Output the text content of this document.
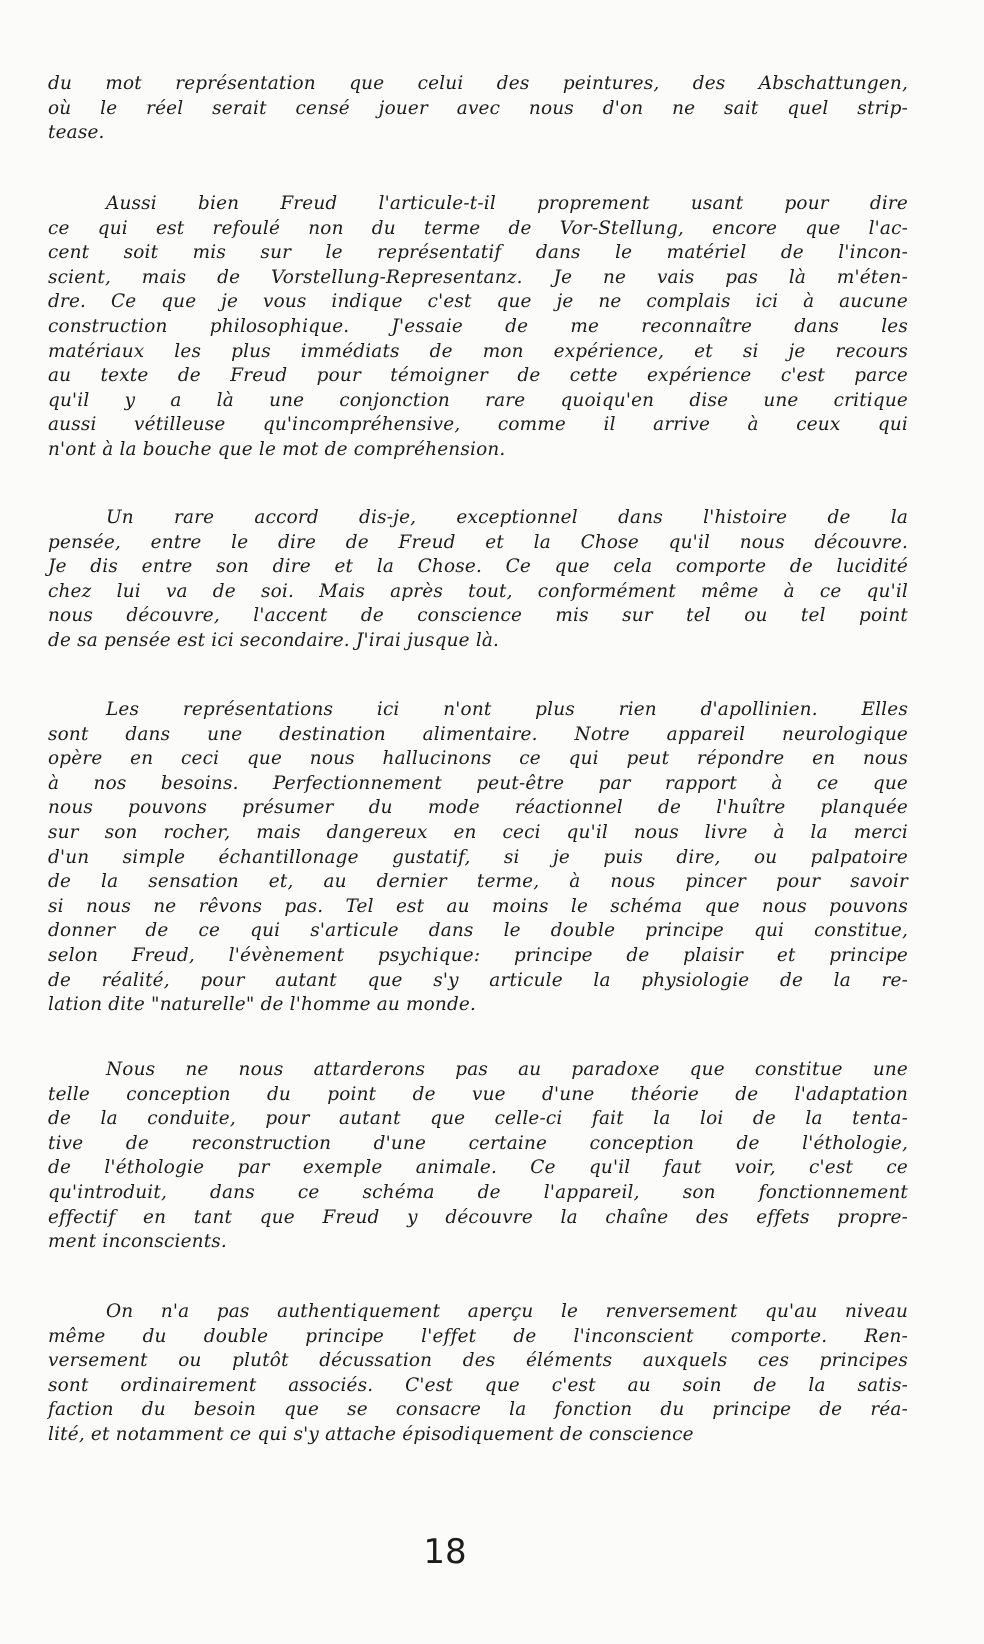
du mot représentation que celui des peintures, des Abschattungen,
où le réel serait censé jouer avec nous d'on ne sait quel strip-
tease.
Aussi bien Freud l'articule-t-il proprement usant pour dire
ce qui est refoulé non du terme de Vor-Stellung, encore que l'ac-
cent soit mis sur le représentatif dans le matériel de l'incon-
scient, mais de Vorstellung-Representanz. Je ne vais pas là m'éten-
dre. Ce que je vous indique c'est que je ne complais ici à aucune
construction philosophique. J'essaie de me reconnaître dans les
matériaux les plus immédiats de mon expérience, et si je recours
au texte de Freud pour témoigner de cette expérience c'est parce
qu'il y a là une conjonction rare quoiqu'en dise une critique
aussi vétilleuse qu'incompréhensive, comme il arrive à ceux qui
n'ont à la bouche que le mot de compréhension.
Un rare accord dis-je, exceptionnel dans l'histoire de la
pensée, entre le dire de Freud et la Chose qu'il nous découvre.
Je dis entre son dire et la Chose. Ce que cela comporte de lucidité
chez lui va de soi. Mais après tout, conformément même à ce qu'il
nous découvre, l'accent de conscience mis sur tel ou tel point
de sa pensée est ici secondaire. J'irai jusque là.
Les représentations ici n'ont plus rien d'apollinien. Elles
sont dans une destination alimentaire. Notre appareil neurologique
opère en ceci que nous hallucinons ce qui peut répondre en nous
à nos besoins. Perfectionnement peut-être par rapport à ce que
nous pouvons présumer du mode réactionnel de l'huître planquée
sur son rocher, mais dangereux en ceci qu'il nous livre à la merci
d'un simple échantillonage gustatif, si je puis dire, ou palpatoire
de la sensation et, au dernier terme, à nous pincer pour savoir
si nous ne rêvons pas. Tel est au moins le schéma que nous pouvons
donner de ce qui s'articule dans le double principe qui constitue,
selon Freud, l'évènement psychique: principe de plaisir et principe
de réalité, pour autant que s'y articule la physiologie de la re-
lation dite "naturelle" de l'homme au monde.
Nous ne nous attarderons pas au paradoxe que constitue une
telle conception du point de vue d'une théorie de l'adaptation
de la conduite, pour autant que celle-ci fait la loi de la tenta-
tive de reconstruction d'une certaine conception de l'éthologie,
de l'éthologie par exemple animale. Ce qu'il faut voir, c'est ce
qu'introduit, dans ce schéma de l'appareil, son fonctionnement
effectif en tant que Freud y découvre la chaîne des effets propre-
ment inconscients.
On n'a pas authentiquement aperçu le renversement qu'au niveau
même du double principe l'effet de l'inconscient comporte. Ren-
versement ou plutôt décussation des éléments auxquels ces principes
sont ordinairement associés. C'est que c'est au soin de la satis-
faction du besoin que se consacre la fonction du principe de réa-
lité, et notamment ce qui s'y attache épisodiquement de conscience
18
